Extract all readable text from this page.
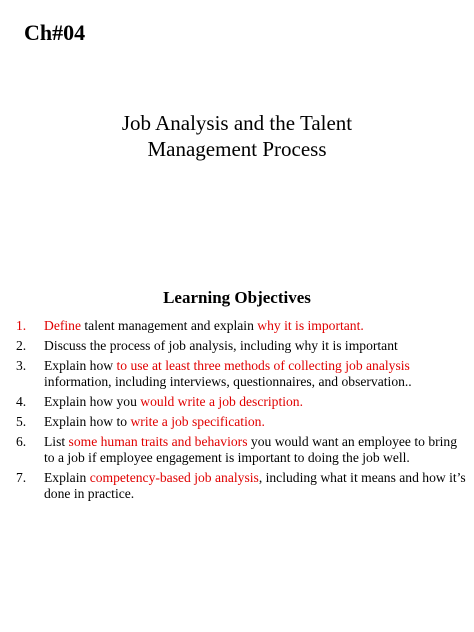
Ch#04
Job Analysis and the Talent
Management Process
Learning Objectives
1. Define talent management and explain why it is important.
2. Discuss the process of job analysis, including why it is important
3. Explain how to use at least three methods of collecting job analysis information, including interviews, questionnaires, and observation..
4. Explain how you would write a job description.
5. Explain how to write a job specification.
6. List some human traits and behaviors you would want an employee to bring to a job if employee engagement is important to doing the job well.
7. Explain competency-based job analysis, including what it means and how it’s done in practice.
